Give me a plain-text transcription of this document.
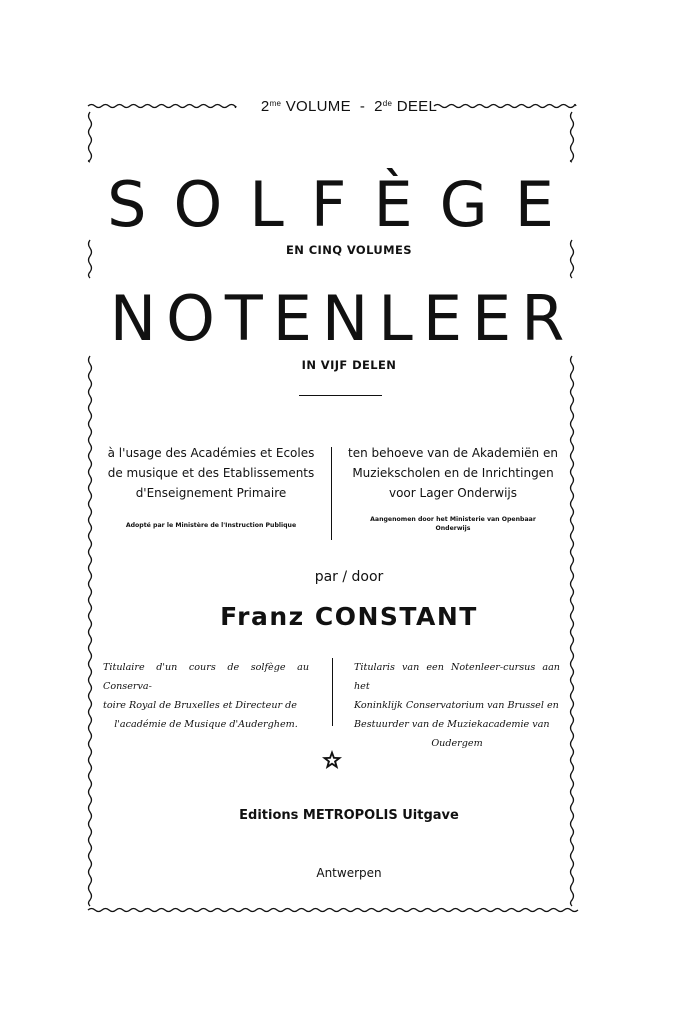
$2^{me}$ VOLUME - 2de DEEL
SOLFÈGE
EN CINQ VOLUMES
NOTENLEER
IN VIJF DELEN
à l'usage des Académies et Ecoles
de musique et des Etablissements
d'Enseignement Primaire
Adopté par le Ministère de l'Instruction Publique
ten behoeve van de Akademiën en
Muziekscholen en de Inrichtingen
voor Lager Onderwijs
Aangenomen door het Ministerie van Openbaar
Onderwijs
par / door
Franz CONSTANT
Titulaire d'un cours de solfège au Conserva-
toire Royal de Bruxelles et Directeur de
l'académie de Musique d'Auderghem.
Titularis van een Notenleer-cursus aan het
Koninklijk Conservatorium van Brussel en
Bestuurder van de Muziekacademie van
Oudergem
Editions METROPOLIS Uitgave
Antwerpen
